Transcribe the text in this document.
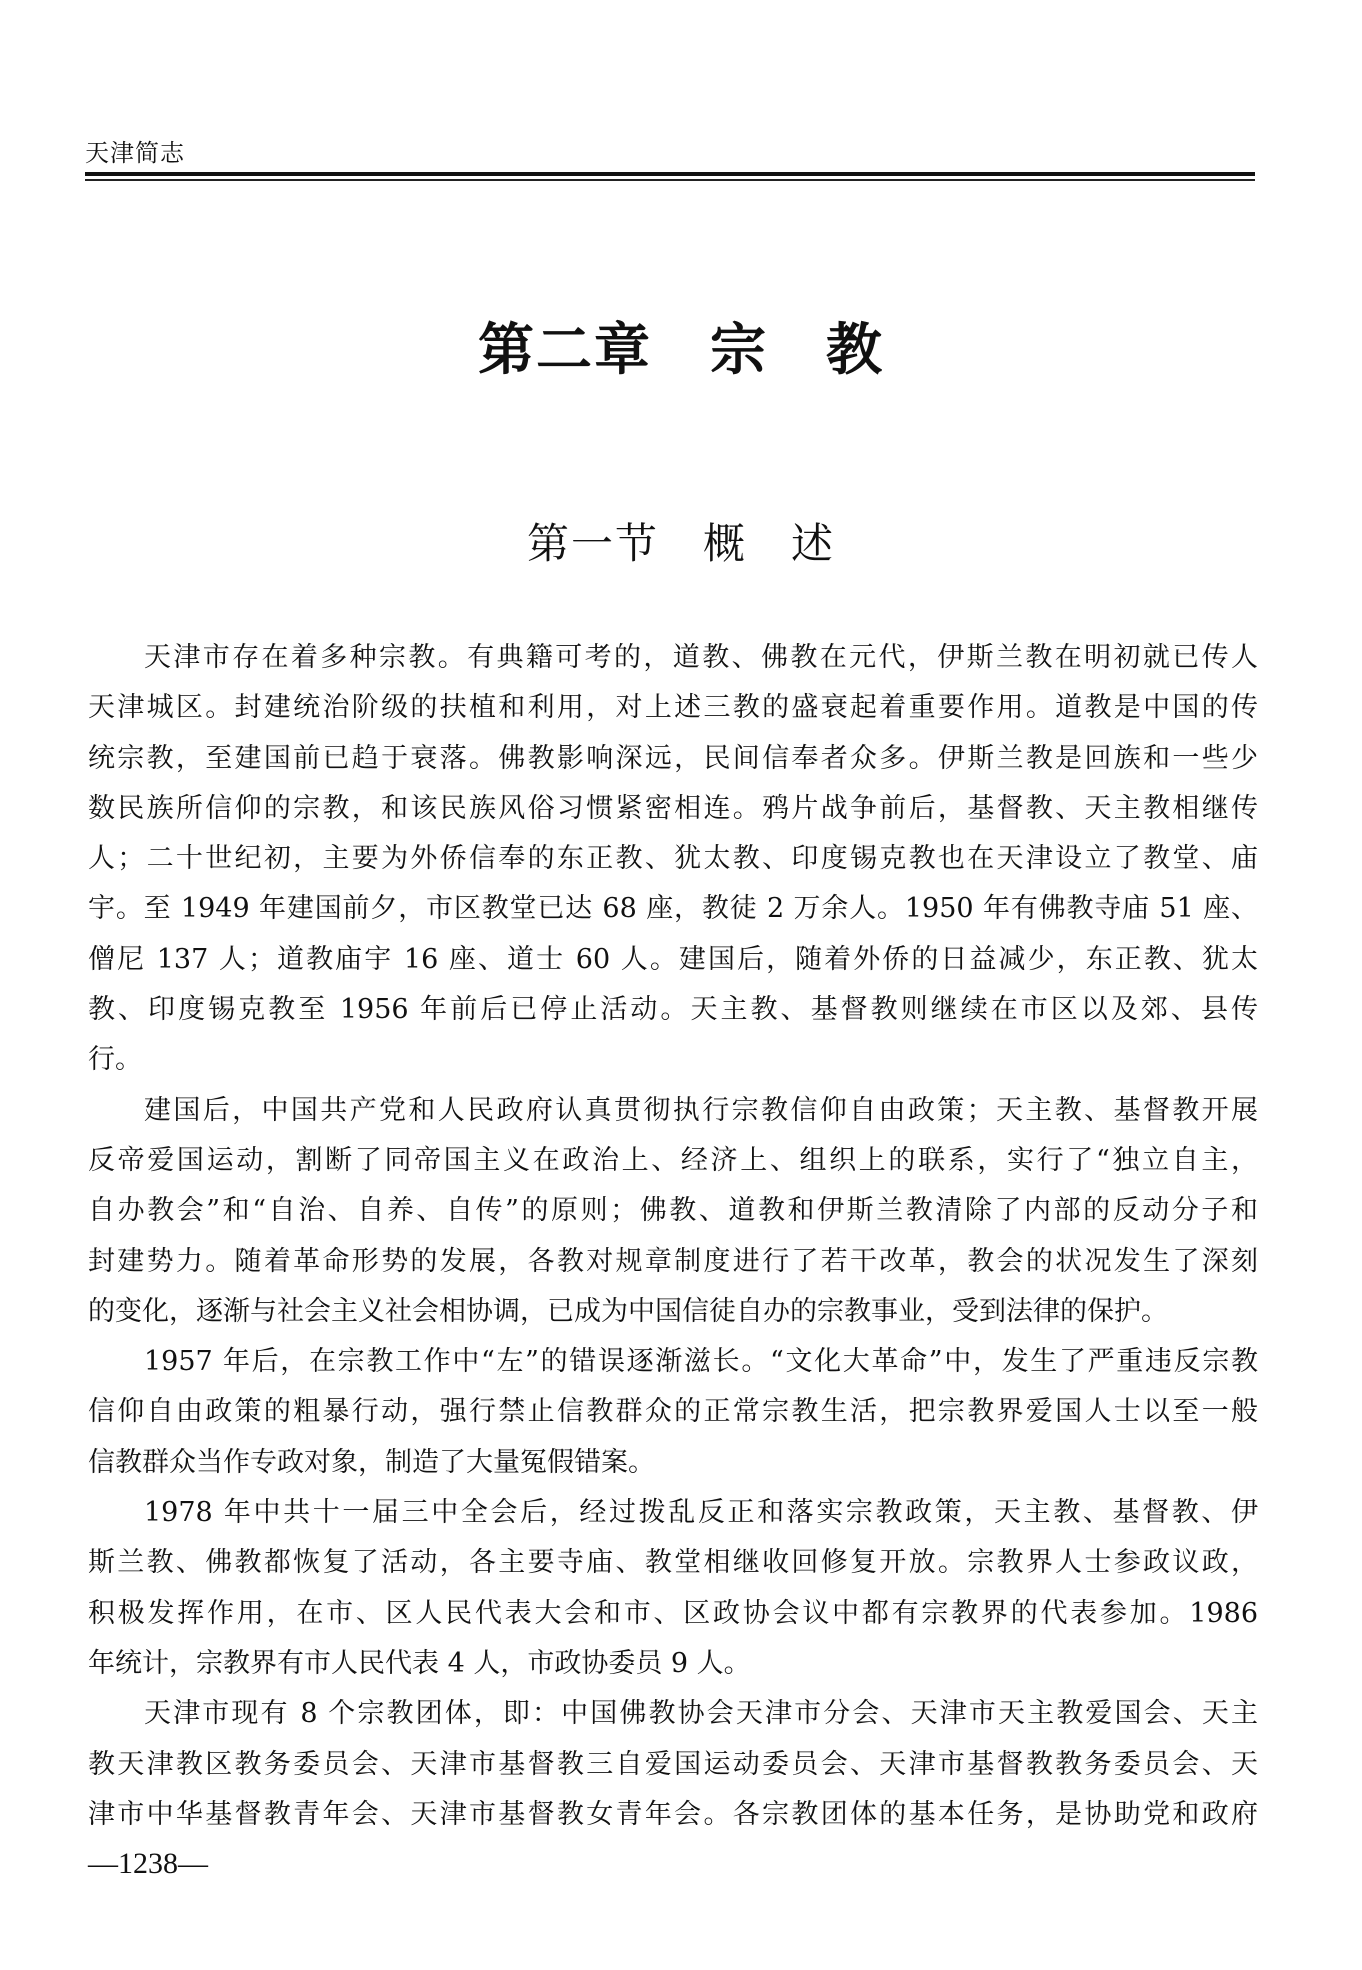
天津简志
第二章　宗　教
第一节　概　述
天津市存在着多种宗教。有典籍可考的，道教、佛教在元代，伊斯兰教在明初就已传人
天津城区。封建统治阶级的扶植和利用，对上述三教的盛衰起着重要作用。道教是中国的传
统宗教，至建国前已趋于衰落。佛教影响深远，民间信奉者众多。伊斯兰教是回族和一些少
数民族所信仰的宗教，和该民族风俗习惯紧密相连。鸦片战争前后，基督教、天主教相继传
人；二十世纪初，主要为外侨信奉的东正教、犹太教、印度锡克教也在天津设立了教堂、庙
宇。至 1949 年建国前夕，市区教堂已达 68 座，教徒 2 万余人。1950 年有佛教寺庙 51 座、
僧尼 137 人；道教庙宇 16 座、道士 60 人。建国后，随着外侨的日益减少，东正教、犹太
教、印度锡克教至 1956 年前后已停止活动。天主教、基督教则继续在市区以及郊、县传
行。
建国后，中国共产党和人民政府认真贯彻执行宗教信仰自由政策；天主教、基督教开展
反帝爱国运动，割断了同帝国主义在政治上、经济上、组织上的联系，实行了“独立自主，
自办教会”和“自治、自养、自传”的原则；佛教、道教和伊斯兰教清除了内部的反动分子和
封建势力。随着革命形势的发展，各教对规章制度进行了若干改革，教会的状况发生了深刻
的变化，逐渐与社会主义社会相协调，已成为中国信徒自办的宗教事业，受到法律的保护。
1957 年后，在宗教工作中“左”的错误逐渐滋长。“文化大革命”中，发生了严重违反宗教
信仰自由政策的粗暴行动，强行禁止信教群众的正常宗教生活，把宗教界爱国人士以至一般
信教群众当作专政对象，制造了大量冤假错案。
1978 年中共十一届三中全会后，经过拨乱反正和落实宗教政策，天主教、基督教、伊
斯兰教、佛教都恢复了活动，各主要寺庙、教堂相继收回修复开放。宗教界人士参政议政，
积极发挥作用，在市、区人民代表大会和市、区政协会议中都有宗教界的代表参加。1986
年统计，宗教界有市人民代表 4 人，市政协委员 9 人。
天津市现有 8 个宗教团体，即：中国佛教协会天津市分会、天津市天主教爱国会、天主
教天津教区教务委员会、天津市基督教三自爱国运动委员会、天津市基督教教务委员会、天
津市中华基督教青年会、天津市基督教女青年会。各宗教团体的基本任务，是协助党和政府
—1238—
